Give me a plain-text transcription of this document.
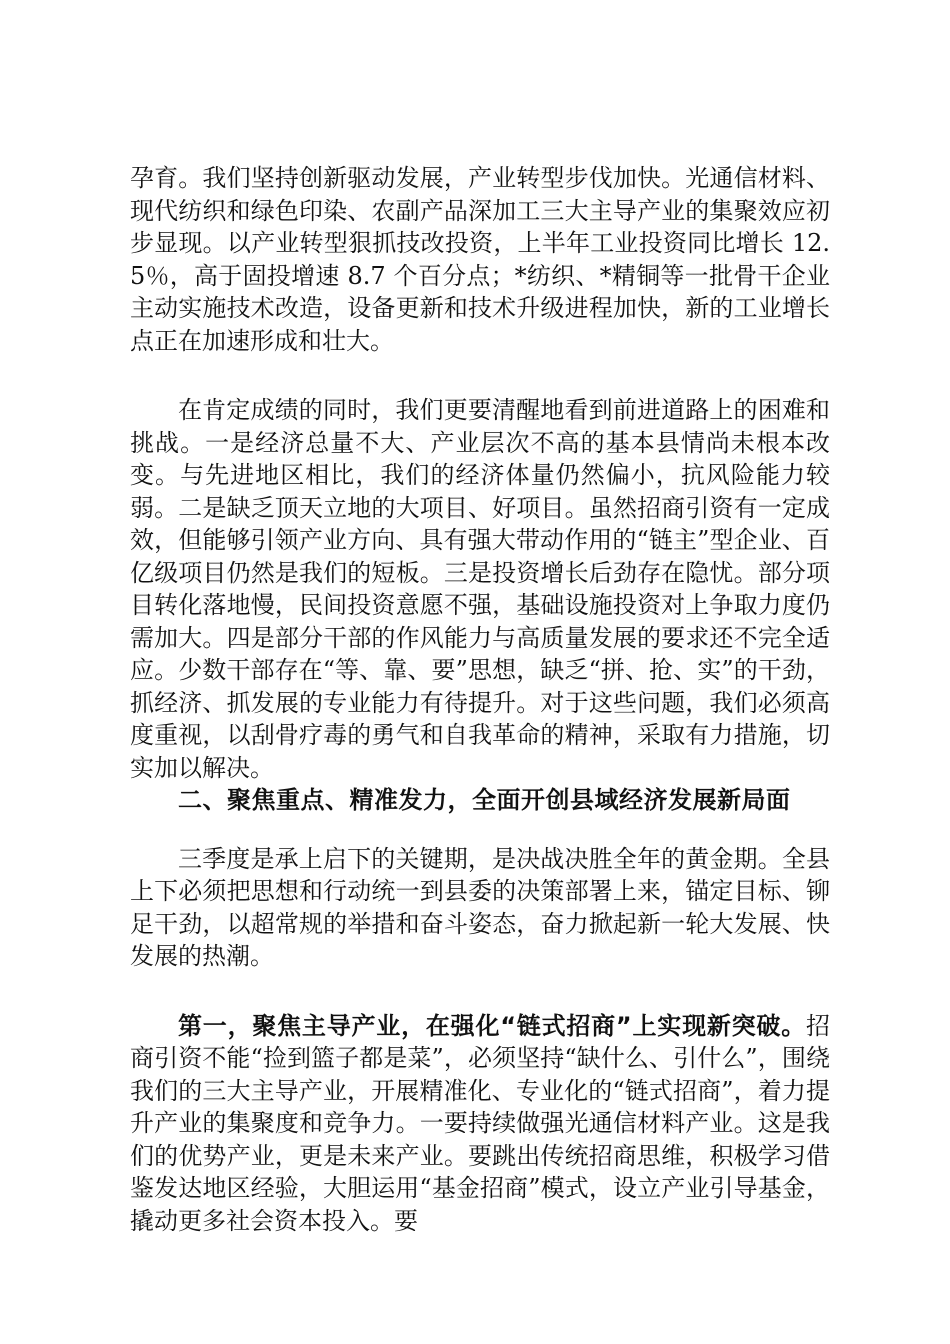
孕育。我们坚持创新驱动发展，产业转型步伐加快。光通信材料、现代纺织和绿色印染、农副产品深加工三大主导产业的集聚效应初步显现。以产业转型狠抓技改投资，上半年工业投资同比增长 12.5％，高于固投增速 8.7 个百分点；*纺织、*精铜等一批骨干企业主动实施技术改造，设备更新和技术升级进程加快，新的工业增长点正在加速形成和壮大。

在肯定成绩的同时，我们更要清醒地看到前进道路上的困难和挑战。一是经济总量不大、产业层次不高的基本县情尚未根本改变。与先进地区相比，我们的经济体量仍然偏小，抗风险能力较弱。二是缺乏顶天立地的大项目、好项目。虽然招商引资有一定成效，但能够引领产业方向、具有强大带动作用的“链主”型企业、百亿级项目仍然是我们的短板。三是投资增长后劲存在隐忧。部分项目转化落地慢，民间投资意愿不强，基础设施投资对上争取力度仍需加大。四是部分干部的作风能力与高质量发展的要求还不完全适应。少数干部存在“等、靠、要”思想，缺乏“拼、抢、实”的干劲，抓经济、抓发展的专业能力有待提升。对于这些问题，我们必须高度重视，以刮骨疗毒的勇气和自我革命的精神，采取有力措施，切实加以解决。

二、聚焦重点、精准发力，全面开创县域经济发展新局面

三季度是承上启下的关键期，是决战决胜全年的黄金期。全县上下必须把思想和行动统一到县委的决策部署上来，锚定目标、铆足干劲，以超常规的举措和奋斗姿态，奋力掀起新一轮大发展、快发展的热潮。

第一，聚焦主导产业，在强化“链式招商”上实现新突破。招商引资不能“捡到篮子都是菜”，必须坚持“缺什么、引什么”，围绕我们的三大主导产业，开展精准化、专业化的“链式招商”，着力提升产业的集聚度和竞争力。一要持续做强光通信材料产业。这是我们的优势产业，更是未来产业。要跳出传统招商思维，积极学习借鉴发达地区经验，大胆运用“基金招商”模式，设立产业引导基金，撬动更多社会资本投入。要
